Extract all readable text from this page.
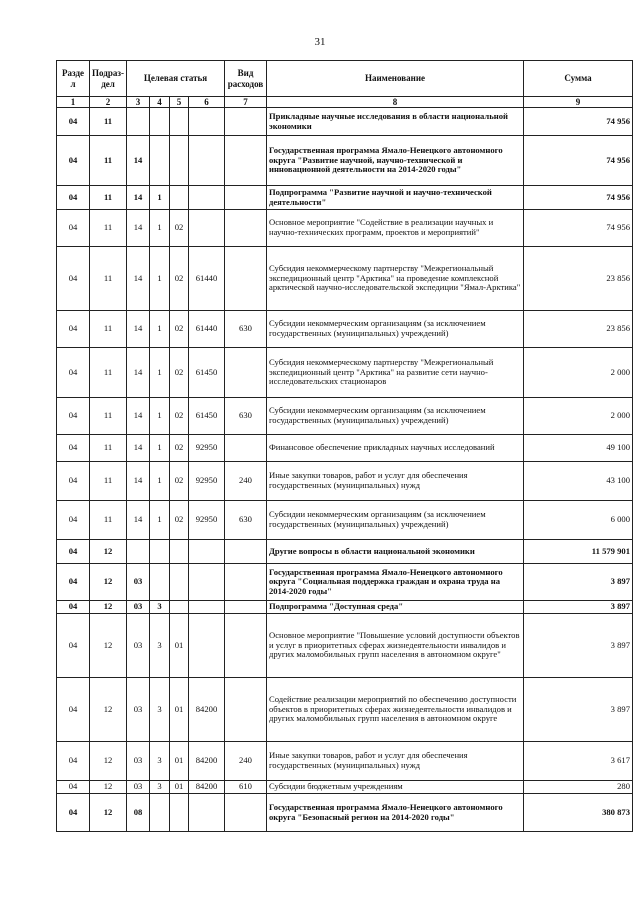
31
Разде л	Подраз-дел	Целевая статья				Вид расходов	Наименование	Сумма
1	2	3	4	5	6	7	8	9
04	11						Прикладные научные исследования в области национальной экономики	74 956
04	11	14					Государственная программа Ямало-Ненецкого автономного округа "Развитие научной, научно-технической и инновационной деятельности на 2014-2020 годы"	74 956
04	11	14	1				Подпрограмма "Развитие научной и научно-технической деятельности"	74 956
04	11	14	1	02			Основное мероприятие "Содействие в реализации научных и научно-технических программ, проектов и мероприятий"	74 956
04	11	14	1	02	61440		Субсидия некоммерческому партнерству "Межрегиональный экспедиционный центр "Арктика" на проведение комплексной арктической научно-исследовательской экспедиции "Ямал-Арктика"	23 856
04	11	14	1	02	61440	630	Субсидии некоммерческим организациям (за исключением государственных (муниципальных) учреждений)	23 856
04	11	14	1	02	61450		Субсидия некоммерческому партнерству "Межрегиональный экспедиционный центр "Арктика" на развитие сети научно-исследовательских стационаров	2 000
04	11	14	1	02	61450	630	Субсидии некоммерческим организациям (за исключением государственных (муниципальных) учреждений)	2 000
04	11	14	1	02	92950		Финансовое обеспечение прикладных научных исследований	49 100
04	11	14	1	02	92950	240	Иные закупки товаров, работ и услуг для обеспечения государственных (муниципальных) нужд	43 100
04	11	14	1	02	92950	630	Субсидии некоммерческим организациям (за исключением государственных (муниципальных) учреждений)	6 000
04	12						Другие вопросы в области национальной экономики	11 579 901
04	12	03					Государственная программа Ямало-Ненецкого автономного округа "Социальная поддержка граждан и охрана труда на 2014-2020 годы"	3 897
04	12	03	3				Подпрограмма "Доступная среда"	3 897
04	12	03	3	01			Основное мероприятие "Повышение условий доступности объектов и услуг в приоритетных сферах жизнедеятельности инвалидов и других маломобильных групп населения в автономном округе"	3 897
04	12	03	3	01	84200		Содействие реализации мероприятий по обеспечению доступности объектов в приоритетных сферах жизнедеятельности инвалидов и других маломобильных групп населения в автономном округе	3 897
04	12	03	3	01	84200	240	Иные закупки товаров, работ и услуг для обеспечения государственных (муниципальных) нужд	3 617
04	12	03	3	01	84200	610	Субсидии бюджетным учреждениям	280
04	12	08					Государственная программа Ямало-Ненецкого автономного округа "Безопасный регион на 2014-2020 годы"	380 873
